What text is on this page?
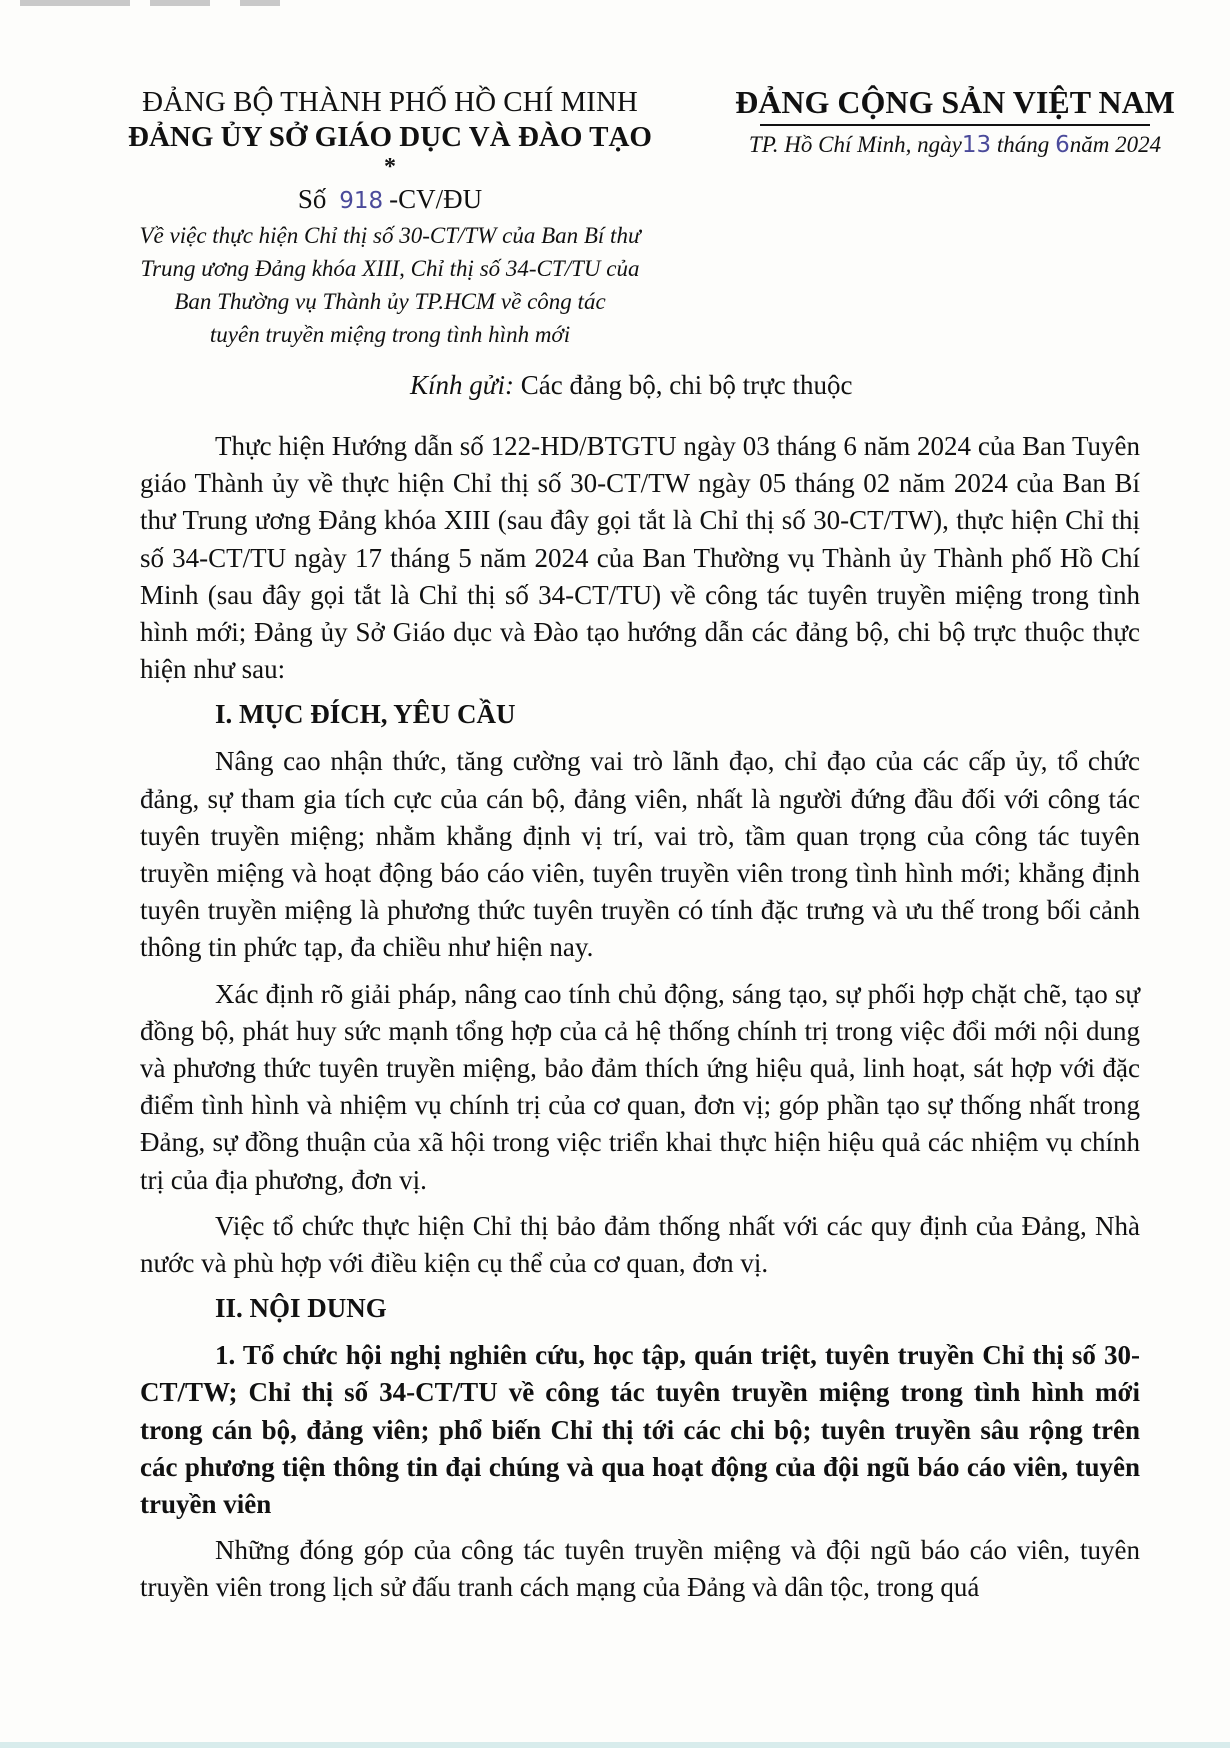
ĐẢNG BỘ THÀNH PHỐ HỒ CHÍ MINH
ĐẢNG ỦY SỞ GIÁO DỤC VÀ ĐÀO TẠO
*
Số 918 -CV/ĐU
Về việc thực hiện Chỉ thị số 30-CT/TW của Ban Bí thư
Trung ương Đảng khóa XIII, Chỉ thị số 34-CT/TU của
Ban Thường vụ Thành ủy TP.HCM về công tác
tuyên truyền miệng trong tình hình mới
ĐẢNG CỘNG SẢN VIỆT NAM
TP. Hồ Chí Minh, ngày13 tháng 6năm 2024
Kính gửi: Các đảng bộ, chi bộ trực thuộc

Thực hiện Hướng dẫn số 122-HD/BTGTU ngày 03 tháng 6 năm 2024 của Ban Tuyên giáo Thành ủy về thực hiện Chỉ thị số 30-CT/TW ngày 05 tháng 02 năm 2024 của Ban Bí thư Trung ương Đảng khóa XIII (sau đây gọi tắt là Chỉ thị số 30-CT/TW), thực hiện Chỉ thị số 34-CT/TU ngày 17 tháng 5 năm 2024 của Ban Thường vụ Thành ủy Thành phố Hồ Chí Minh (sau đây gọi tắt là Chỉ thị số 34-CT/TU) về công tác tuyên truyền miệng trong tình hình mới; Đảng ủy Sở Giáo dục và Đào tạo hướng dẫn các đảng bộ, chi bộ trực thuộc thực hiện như sau:

I. MỤC ĐÍCH, YÊU CẦU

Nâng cao nhận thức, tăng cường vai trò lãnh đạo, chỉ đạo của các cấp ủy, tổ chức đảng, sự tham gia tích cực của cán bộ, đảng viên, nhất là người đứng đầu đối với công tác tuyên truyền miệng; nhằm khẳng định vị trí, vai trò, tầm quan trọng của công tác tuyên truyền miệng và hoạt động báo cáo viên, tuyên truyền viên trong tình hình mới; khẳng định tuyên truyền miệng là phương thức tuyên truyền có tính đặc trưng và ưu thế trong bối cảnh thông tin phức tạp, đa chiều như hiện nay.

Xác định rõ giải pháp, nâng cao tính chủ động, sáng tạo, sự phối hợp chặt chẽ, tạo sự đồng bộ, phát huy sức mạnh tổng hợp của cả hệ thống chính trị trong việc đổi mới nội dung và phương thức tuyên truyền miệng, bảo đảm thích ứng hiệu quả, linh hoạt, sát hợp với đặc điểm tình hình và nhiệm vụ chính trị của cơ quan, đơn vị; góp phần tạo sự thống nhất trong Đảng, sự đồng thuận của xã hội trong việc triển khai thực hiện hiệu quả các nhiệm vụ chính trị của địa phương, đơn vị.

Việc tổ chức thực hiện Chỉ thị bảo đảm thống nhất với các quy định của Đảng, Nhà nước và phù hợp với điều kiện cụ thể của cơ quan, đơn vị.

II. NỘI DUNG

1. Tổ chức hội nghị nghiên cứu, học tập, quán triệt, tuyên truyền Chỉ thị số 30-CT/TW; Chỉ thị số 34-CT/TU về công tác tuyên truyền miệng trong tình hình mới trong cán bộ, đảng viên; phổ biến Chỉ thị tới các chi bộ; tuyên truyền sâu rộng trên các phương tiện thông tin đại chúng và qua hoạt động của đội ngũ báo cáo viên, tuyên truyền viên

Những đóng góp của công tác tuyên truyền miệng và đội ngũ báo cáo viên, tuyên truyền viên trong lịch sử đấu tranh cách mạng của Đảng và dân tộc, trong quá
